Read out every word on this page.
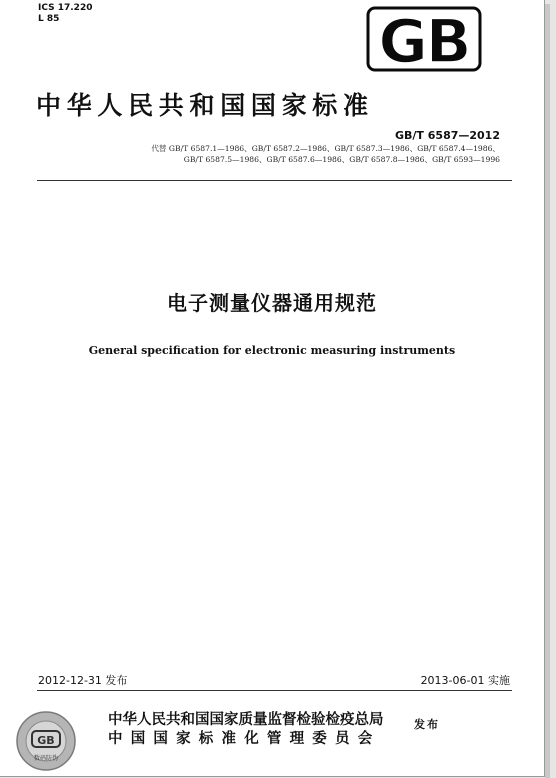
ICS 17.220
L 85	GB
中华人民共和国国家标准
GB/T 6587—2012
代替 GB/T 6587.1—1986、GB/T 6587.2—1986、GB/T 6587.3—1986、GB/T 6587.4—1986、
GB/T 6587.5—1986、GB/T 6587.6—1986、GB/T 6587.8—1986、GB/T 6593—1996
电子测量仪器通用规范
General specification for electronic measuring instruments
2012-12-31 发布	2013-06-01 实施
GB
数码防伪
中华人民共和国国家质量监督检验检疫总局
中国国家标准化管理委员会
发布
